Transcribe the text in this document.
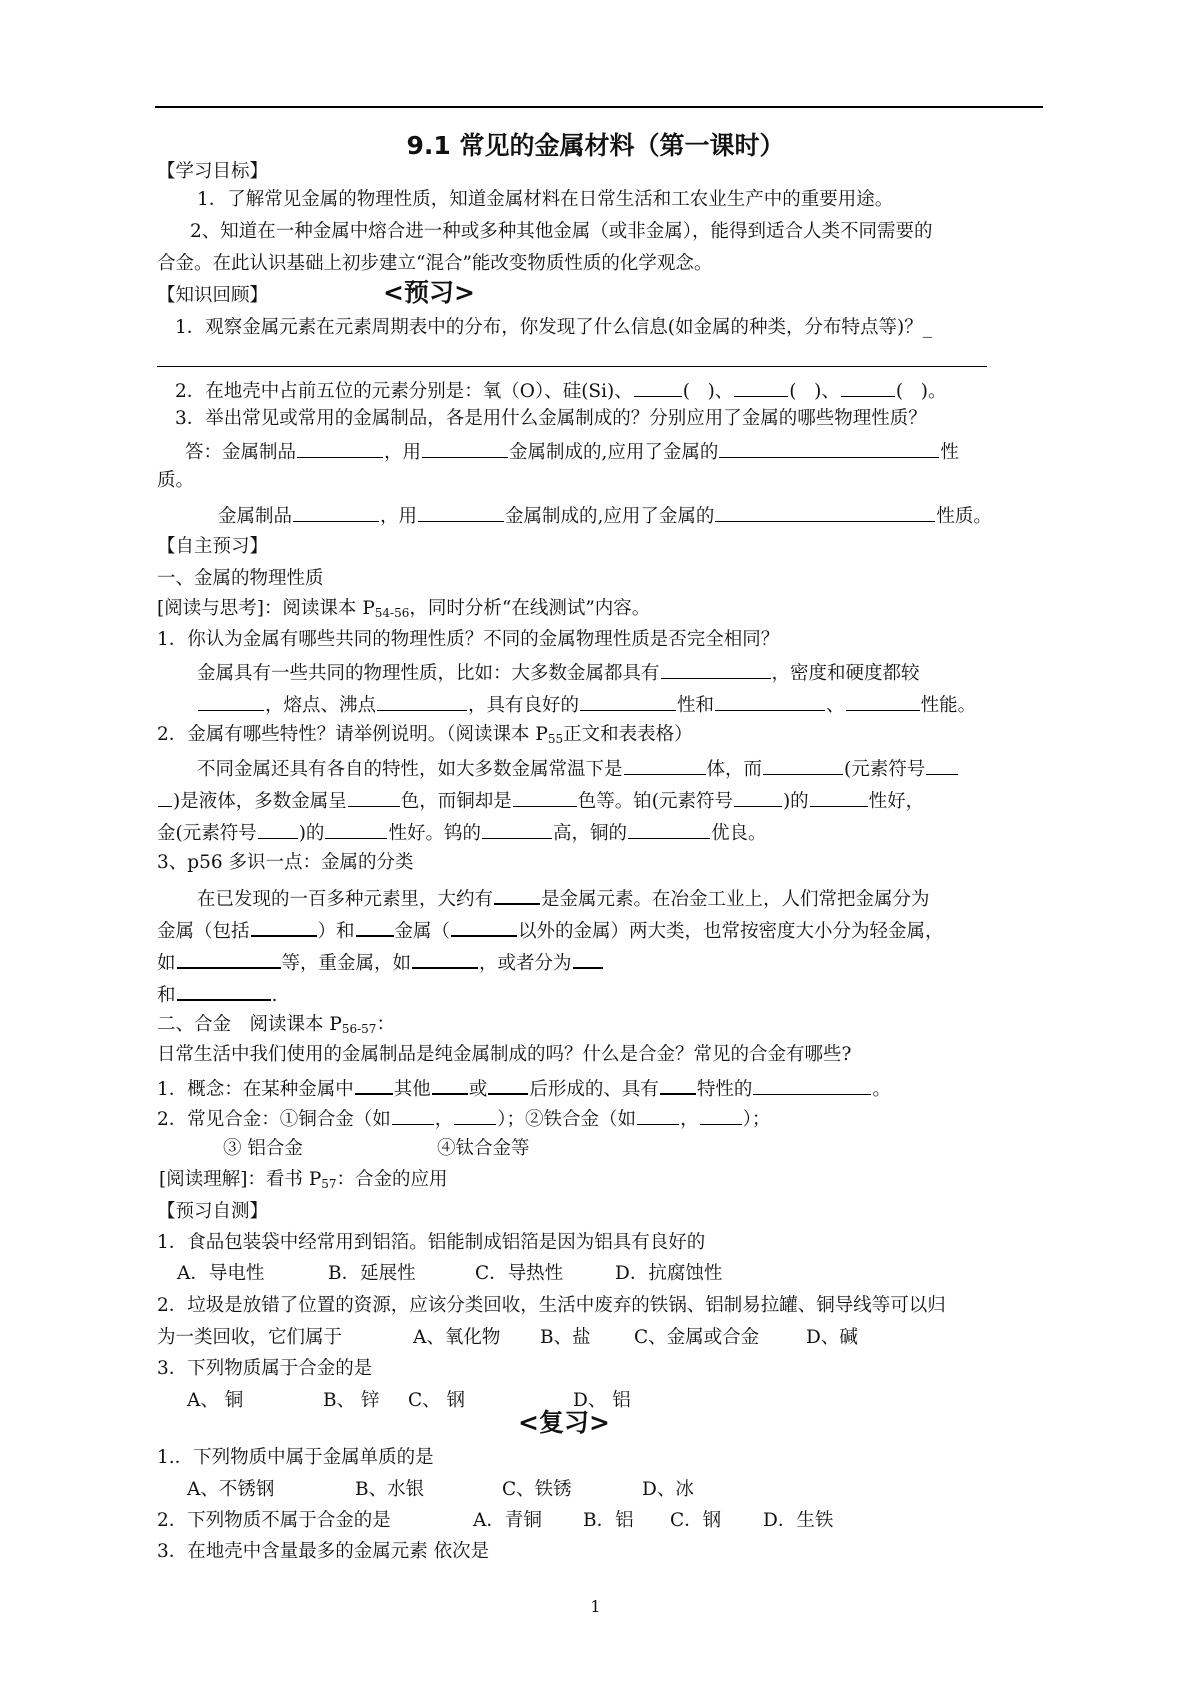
9.1 常见的金属材料（第一课时）
【学习目标】
1．了解常见金属的物理性质，知道金属材料在日常生活和工农业生产中的重要用途。
2、知道在一种金属中熔合进一种或多种其他金属（或非金属），能得到适合人类不同需要的
合金。在此认识基础上初步建立“混合”能改变物质性质的化学观念。
【知识回顾】	<预习>
1．观察金属元素在元素周期表中的分布，你发现了什么信息(如金属的种类，分布特点等)？_
2．在地壳中占前五位的元素分别是：氧（O）、硅(Si)、	(   )、	(   )、	(   )。
3．举出常见或常用的金属制品，各是用什么金属制成的？分别应用了金属的哪些物理性质？
答：金属制品	，用	金属制成的,应用了金属的	性
质。
金属制品	，用	金属制成的,应用了金属的	性质。
【自主预习】
一、金属的物理性质
[阅读与思考]：阅读课本 $P_{54-56}$，同时分析“在线测试”内容。
1．你认为金属有哪些共同的物理性质？不同的金属物理性质是否完全相同？
金属具有一些共同的物理性质，比如：大多数金属都具有	，密度和硬度都较
，熔点、沸点	，具有良好的	性和	、	性能。
2．金属有哪些特性？请举例说明。（阅读课本 $P_{55}$正文和表表格）
不同金属还具有各自的特性，如大多数金属常温下是	体，而	(元素符号
)是液体，多数金属呈	色，而铜却是	色等。铂(元素符号	)的	性好，
金(元素符号 )的	性好。钨的	高，铜的	优良。
3、p56 多识一点：金属的分类
在已发现的一百多种元素里，大约有	是金属元素。在冶金工业上，人们常把金属分为
金属（包括	）和 金属（	以外的金属）两大类，也常按密度大小分为轻金属，
如	等，重金属，如	，或者分为
和	.
二、合金　阅读课本 $P_{56-57}$：
日常生活中我们使用的金属制品是纯金属制成的吗？什么是合金？常见的合金有哪些?
1．概念：在某种金属中 其他 或 后形成的、具有 特性的	。
2．常见合金：①铜合金（如 ， ）；②铁合金（如 ， ）；
③ 铝合金	④钛合金等
[阅读理解]：看书 $P_{57}$：合金的应用
【预习自测】
1．食品包装袋中经常用到铝箔。铝能制成铝箔是因为铝具有良好的
A．导电性	B．延展性	C．导热性	D．抗腐蚀性
2．垃圾是放错了位置的资源，应该分类回收，生活中废弃的铁锅、铝制易拉罐、铜导线等可以归
为一类回收，它们属于	A、氧化物 B、盐 C、金属或合金	D、碱
3．下列物质属于合金的是
A、 铜	B、 锌 C、 钢	D、 铝
<复习>
1.．下列物质中属于金属单质的是
A、不锈钢	B、水银	C、铁锈	D、冰
2．下列物质不属于合金的是	A．青铜 B．铝 C．钢 D．生铁
3．在地壳中含量最多的金属元素 依次是
1
